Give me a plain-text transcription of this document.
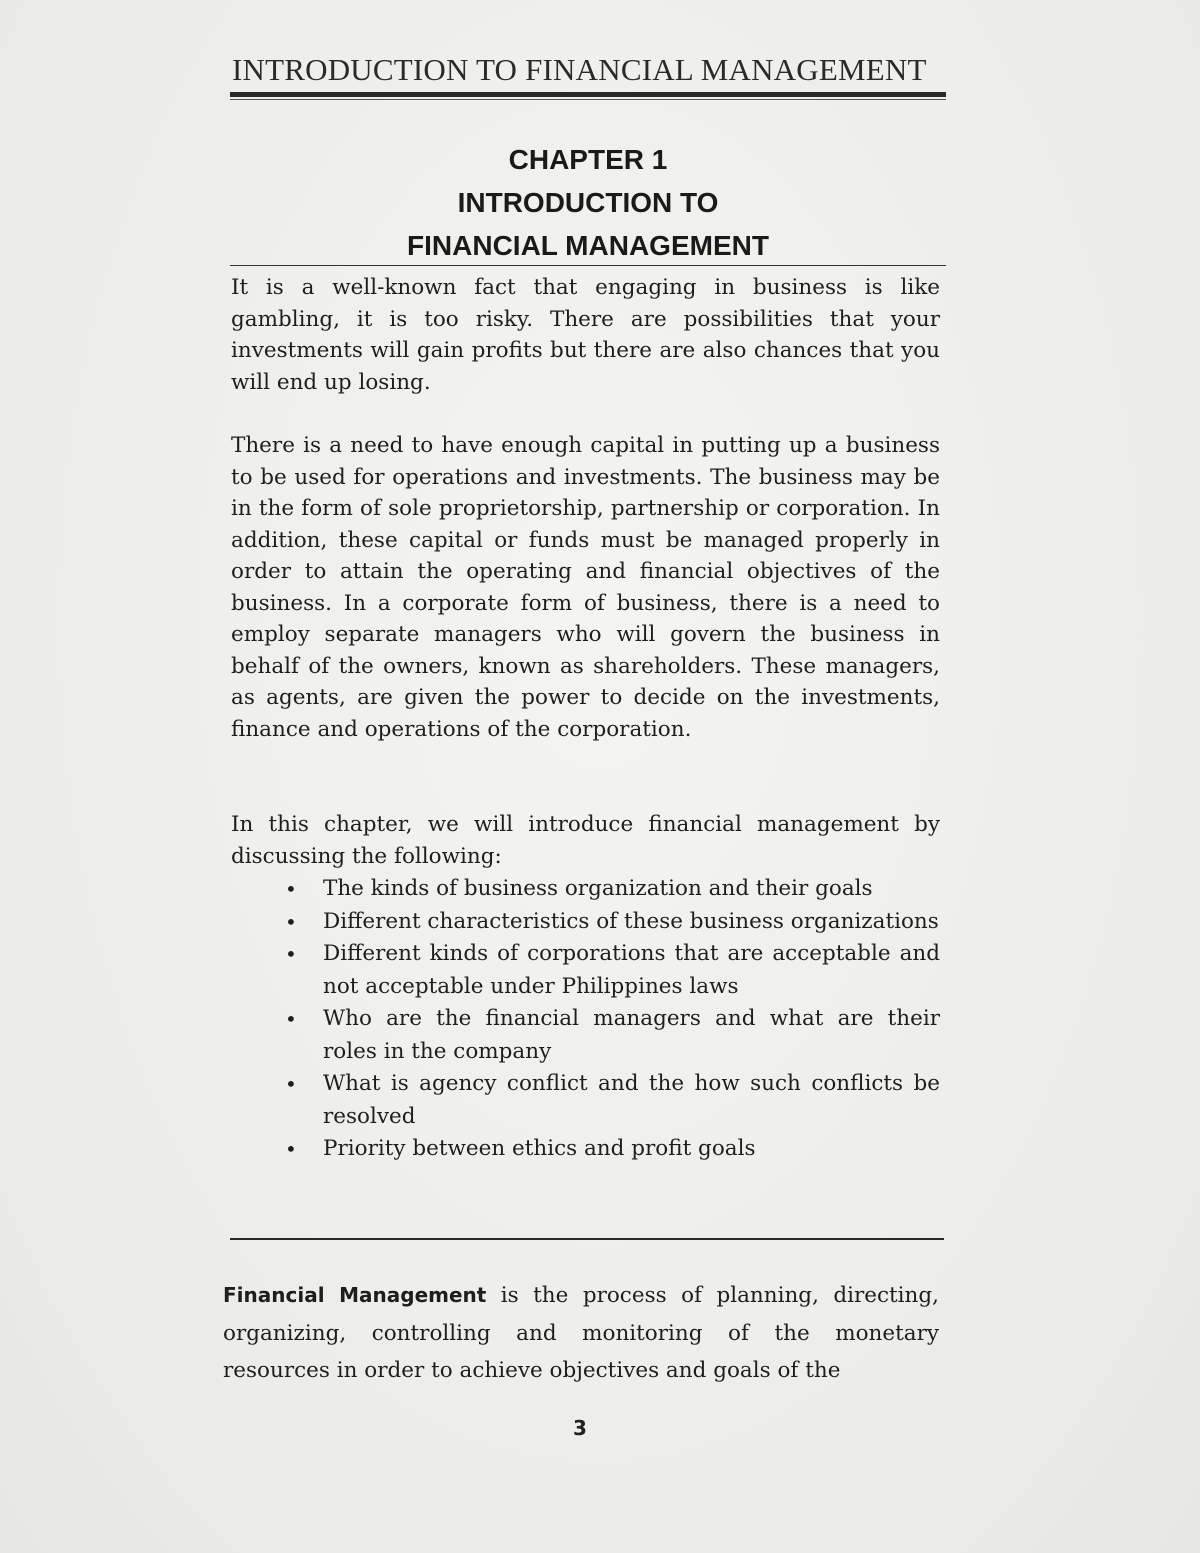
INTRODUCTION TO FINANCIAL MANAGEMENT
CHAPTER 1
INTRODUCTION TO
FINANCIAL MANAGEMENT

It is a well-known fact that engaging in business is like gambling, it is too risky. There are possibilities that your investments will gain profits but there are also chances that you will end up losing.

There is a need to have enough capital in putting up a business to be used for operations and investments. The business may be in the form of sole proprietorship, partnership or corporation. In addition, these capital or funds must be managed properly in order to attain the operating and financial objectives of the business. In a corporate form of business, there is a need to employ separate managers who will govern the business in behalf of the owners, known as shareholders. These managers, as agents, are given the power to decide on the investments, finance and operations of the corporation.

In this chapter, we will introduce financial management by discussing the following:

•	The kinds of business organization and their goals
•	Different characteristics of these business organizations
•	Different kinds of corporations that are acceptable and not acceptable under Philippines laws
•	Who are the financial managers and what are their roles in the company
•	What is agency conflict and the how such conflicts be resolved
•	Priority between ethics and profit goals

Financial Management is the process of planning, directing, organizing, controlling and monitoring of the monetary resources in order to achieve objectives and goals of the

3
